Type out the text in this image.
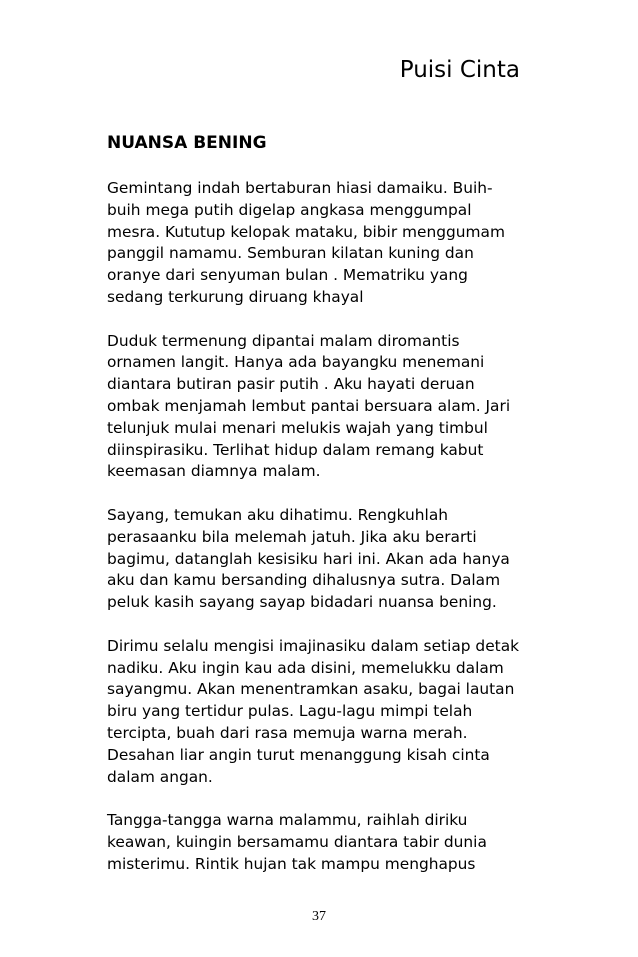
Puisi Cinta
NUANSA BENING

Gemintang indah bertaburan hiasi damaiku. Buih-
buih mega putih digelap angkasa menggumpal
mesra. Kututup kelopak mataku, bibir menggumam
panggil namamu. Semburan kilatan kuning dan
oranye dari senyuman bulan . Mematriku yang
sedang terkurung diruang khayal

Duduk termenung dipantai malam diromantis
ornamen langit. Hanya ada bayangku menemani
diantara butiran pasir putih . Aku hayati deruan
ombak menjamah lembut pantai bersuara alam. Jari
telunjuk mulai menari melukis wajah yang timbul
diinspirasiku. Terlihat hidup dalam remang kabut
keemasan diamnya malam.

Sayang, temukan aku dihatimu. Rengkuhlah
perasaanku bila melemah jatuh. Jika aku berarti
bagimu, datanglah kesisiku hari ini. Akan ada hanya
aku dan kamu bersanding dihalusnya sutra. Dalam
peluk kasih sayang sayap bidadari nuansa bening.

Dirimu selalu mengisi imajinasiku dalam setiap detak
nadiku. Aku ingin kau ada disini, memelukku dalam
sayangmu. Akan menentramkan asaku, bagai lautan
biru yang tertidur pulas. Lagu-lagu mimpi telah
tercipta, buah dari rasa memuja warna merah.
Desahan liar angin turut menanggung kisah cinta
dalam angan.

Tangga-tangga warna malammu, raihlah diriku
keawan, kuingin bersamamu diantara tabir dunia
misterimu. Rintik hujan tak mampu menghapus

37
